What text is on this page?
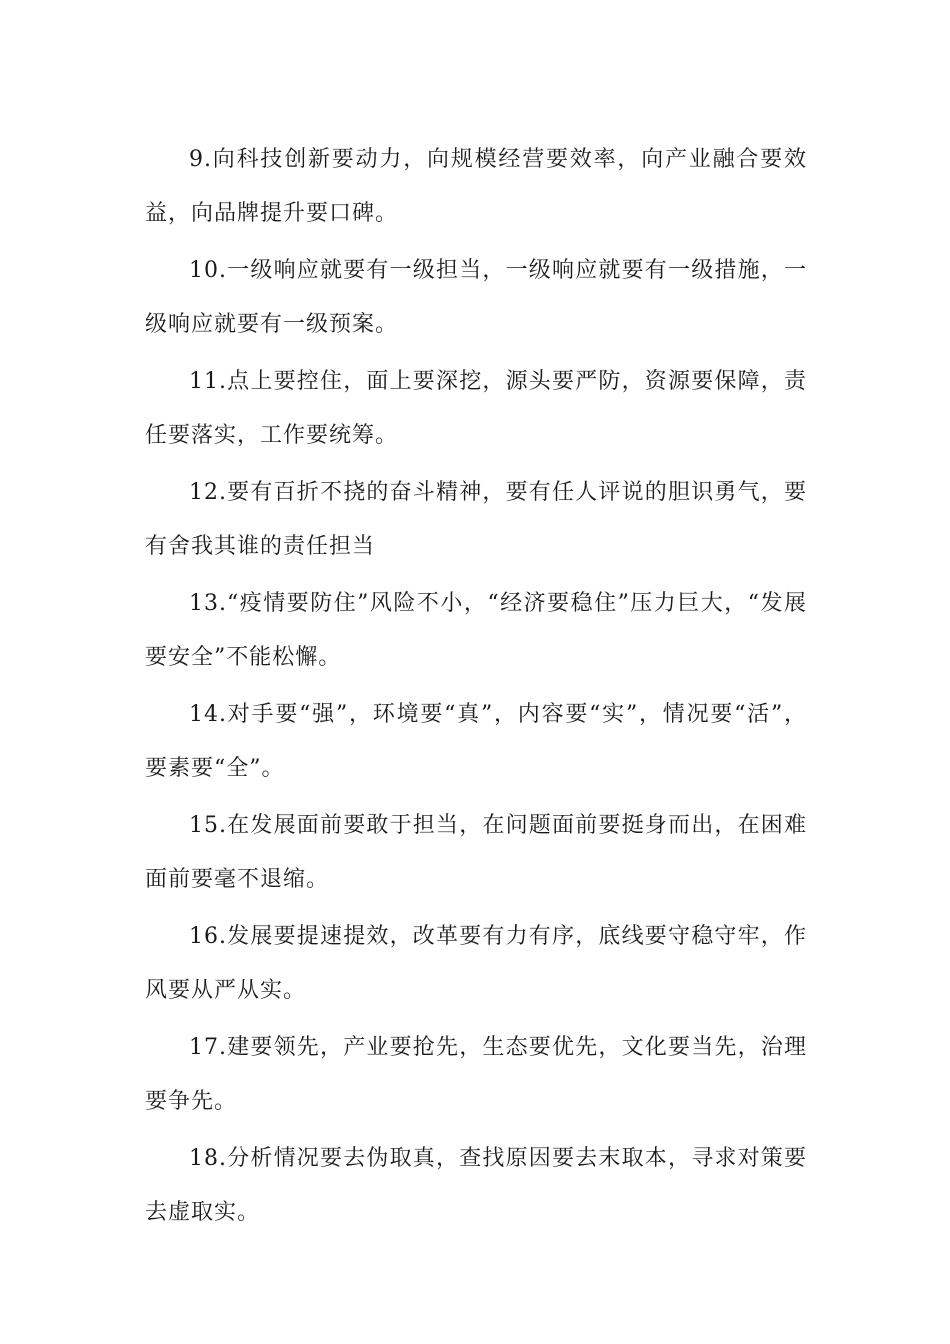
9.向科技创新要动力，向规模经营要效率，向产业融合要效益，向品牌提升要口碑。

10.一级响应就要有一级担当，一级响应就要有一级措施，一级响应就要有一级预案。

11.点上要控住，面上要深挖，源头要严防，资源要保障，责任要落实，工作要统筹。

12.要有百折不挠的奋斗精神，要有任人评说的胆识勇气，要有舍我其谁的责任担当

13.“疫情要防住”风险不小，“经济要稳住”压力巨大，“发展要安全”不能松懈。

14.对手要“强”，环境要“真”，内容要“实”，情况要“活”，要素要“全”。

15.在发展面前要敢于担当，在问题面前要挺身而出，在困难面前要毫不退缩。

16.发展要提速提效，改革要有力有序，底线要守稳守牢，作风要从严从实。

17.建要领先，产业要抢先，生态要优先，文化要当先，治理要争先。

18.分析情况要去伪取真，查找原因要去末取本，寻求对策要去虚取实。
